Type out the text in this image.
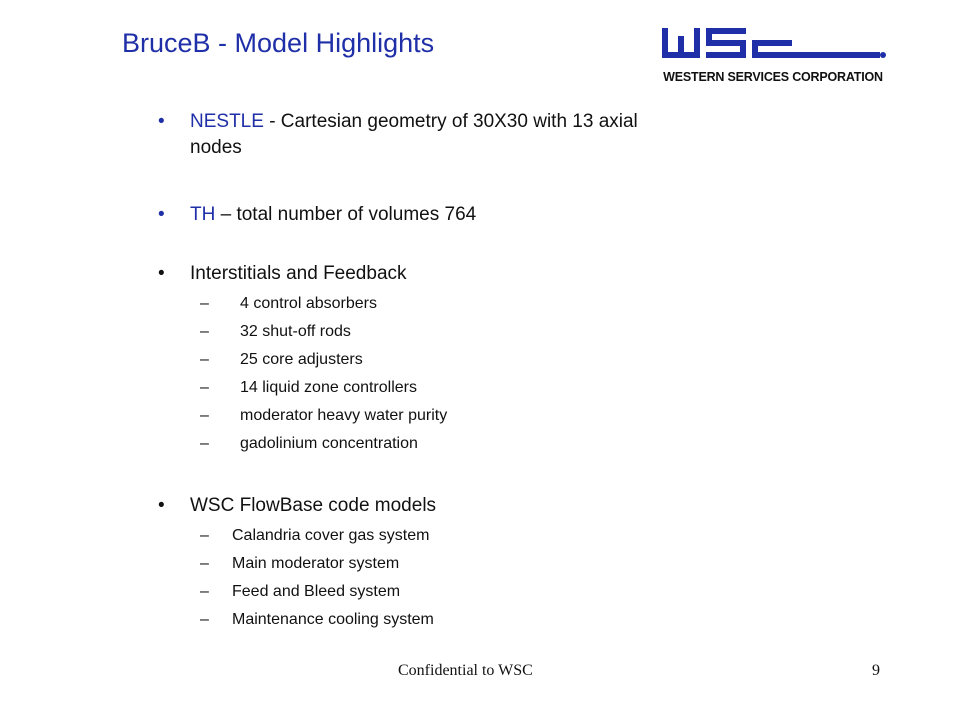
BruceB - Model Highlights
WESTERN SERVICES CORPORATION
• NESTLE - Cartesian geometry of 30X30 with 13 axial
nodes
• TH – total number of volumes 764
• Interstitials and Feedback
– 4 control absorbers
– 32 shut-off rods
– 25 core adjusters
– 14 liquid zone controllers
– moderator heavy water purity
– gadolinium concentration
• WSC FlowBase code models
– Calandria cover gas system
– Main moderator system
– Feed and Bleed system
– Maintenance cooling system
Confidential to WSC	9
